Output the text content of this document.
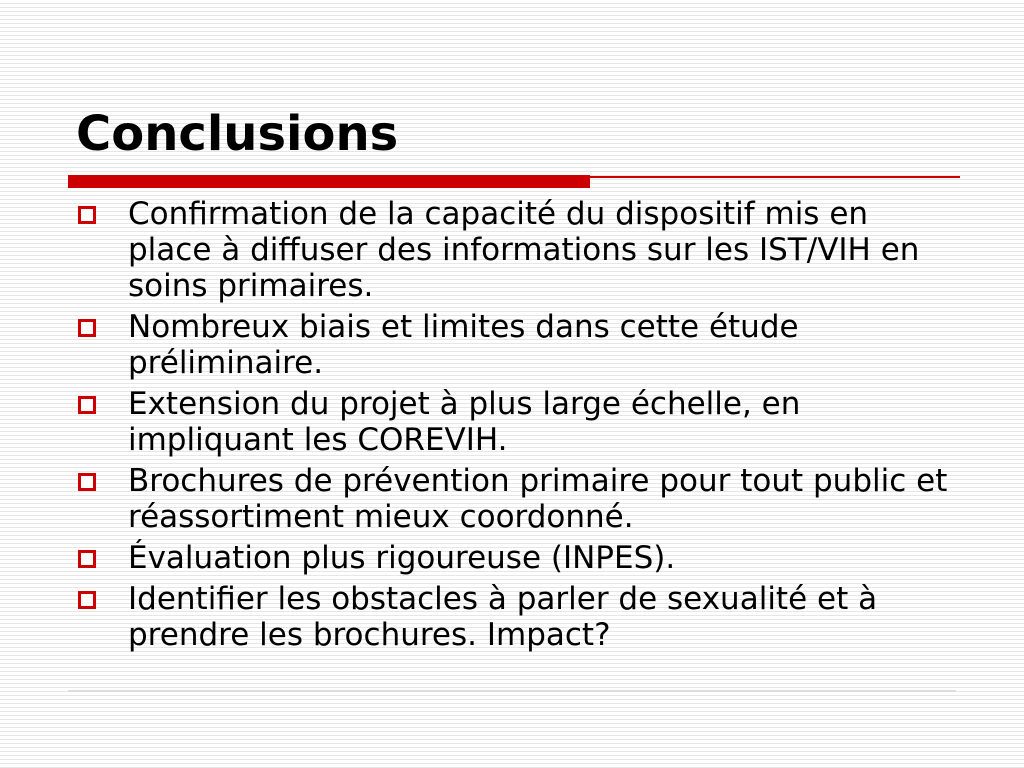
Conclusions
Confirmation de la capacité du dispositif mis en place à diffuser des informations sur les IST/VIH en soins primaires.
Nombreux biais et limites dans cette étude préliminaire.
Extension du projet à plus large échelle, en impliquant les COREVIH.
Brochures de prévention primaire pour tout public et réassortiment mieux coordonné.
Évaluation plus rigoureuse (INPES).
Identifier les obstacles à parler de sexualité et à prendre les brochures. Impact?
